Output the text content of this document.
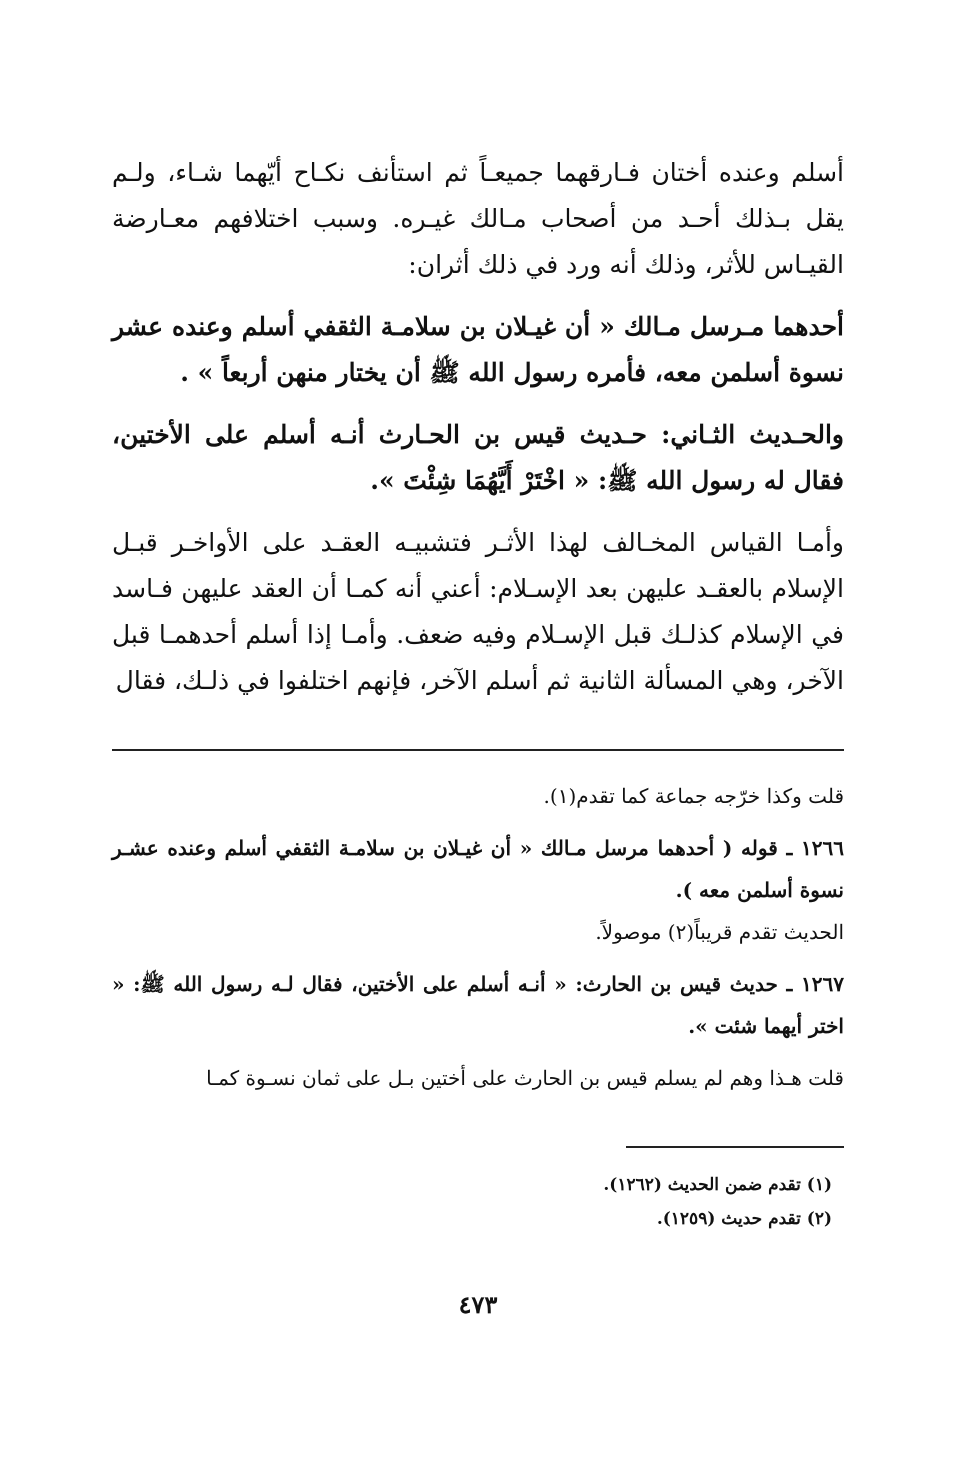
أسلم وعنده أختان فـارقهما جميعـاً ثم استأنف نكـاح أيّهما شـاء، ولـم يقل بـذلك أحـد من أصحاب مـالك غيـره. وسبب اختلافهم معـارضة القيـاس للأثر، وذلك أنه ورد في ذلك أثران:

أحدهما مـرسل مـالك « أن غيـلان بن سلامـة الثقفي أسلم وعنده عشر نسوة أسلمن معه، فأمره رسول الله ﷺ أن يختار منهن أربعاً » .

والحـديث الثـاني: حـديث قيس بن الحـارث أنـه أسلم على الأختين، فقال له رسول الله ﷺ: « اخْتَرْ أَيَّهُمَا شِئْتَ ».

وأمـا القياس المخـالف لهذا الأثـر فتشبيـه العقـد على الأواخـر قبـل الإسلام بالعقـد عليهن بعد الإسـلام: أعني أنه كمـا أن العقد عليهن فـاسد في الإسلام كذلـك قبل الإسـلام وفيه ضعف. وأمـا إذا أسلم أحدهمـا قبل الآخر، وهي المسألة الثانية ثم أسلم الآخر، فإنهم اختلفوا في ذلـك، فقال

قلت وكذا خرّجه جماعة كما تقدم(١).

١٢٦٦ ـ قوله ( أحدهما مرسل مـالك « أن غيـلان بن سلامـة الثقفي أسلم وعنده عشـر نسوة أسلمن معه ).

الحديث تقدم قريباً(٢) موصولاً.

١٢٦٧ ـ حديث قيس بن الحارث: « أنـه أسلم على الأختين، فقال لـه رسول الله ﷺ: « اختر أيهما شئت ».

قلت هـذا وهم لم يسلم قيس بن الحارث على أختين بـل على ثمان نسـوة كمـا

(١) تقدم ضمن الحديث (١٢٦٢).

(٢) تقدم حديث (١٢٥٩).

٤٧٣
